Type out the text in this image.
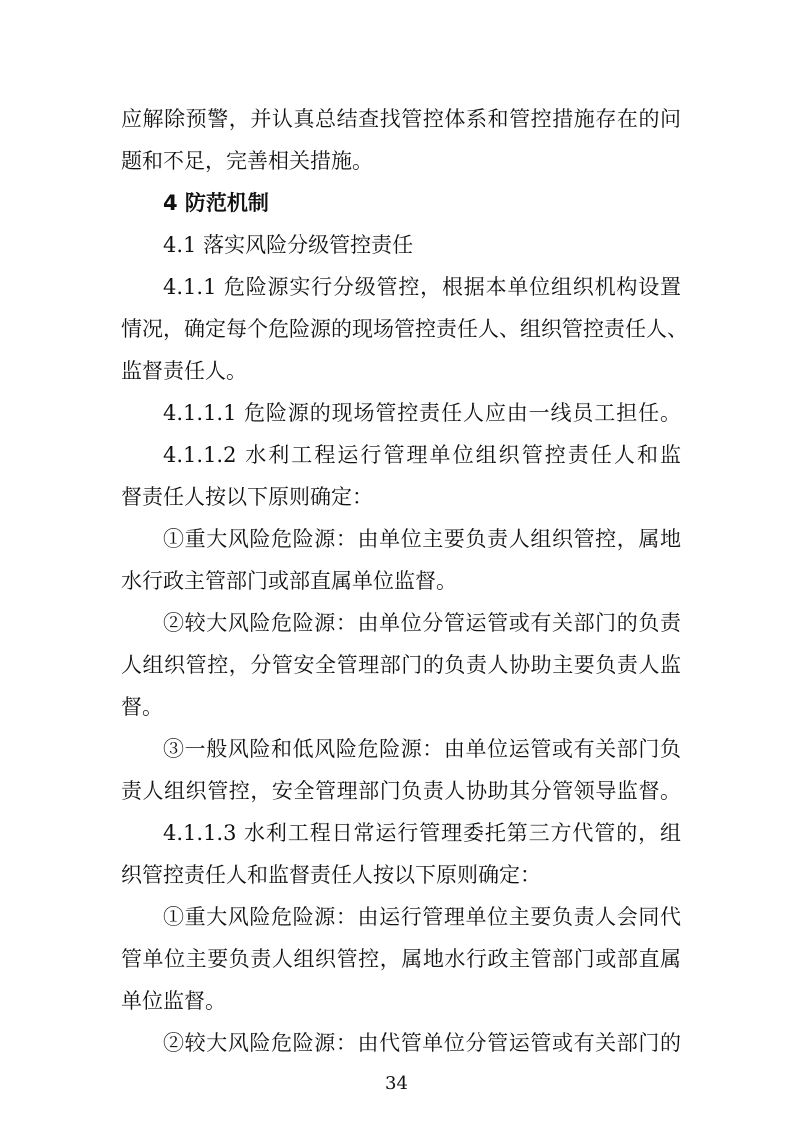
应解除预警，并认真总结查找管控体系和管控措施存在的问
题和不足，完善相关措施。
4 防范机制
4.1 落实风险分级管控责任
4.1.1 危险源实行分级管控，根据本单位组织机构设置
情况，确定每个危险源的现场管控责任人、组织管控责任人、
监督责任人。
4.1.1.1 危险源的现场管控责任人应由一线员工担任。
4.1.1.2 水利工程运行管理单位组织管控责任人和监
督责任人按以下原则确定：
①重大风险危险源：由单位主要负责人组织管控，属地
水行政主管部门或部直属单位监督。
②较大风险危险源：由单位分管运管或有关部门的负责
人组织管控，分管安全管理部门的负责人协助主要负责人监
督。
③一般风险和低风险危险源：由单位运管或有关部门负
责人组织管控，安全管理部门负责人协助其分管领导监督。
4.1.1.3 水利工程日常运行管理委托第三方代管的，组
织管控责任人和监督责任人按以下原则确定：
①重大风险危险源：由运行管理单位主要负责人会同代
管单位主要负责人组织管控，属地水行政主管部门或部直属
单位监督。
②较大风险危险源：由代管单位分管运管或有关部门的
34
